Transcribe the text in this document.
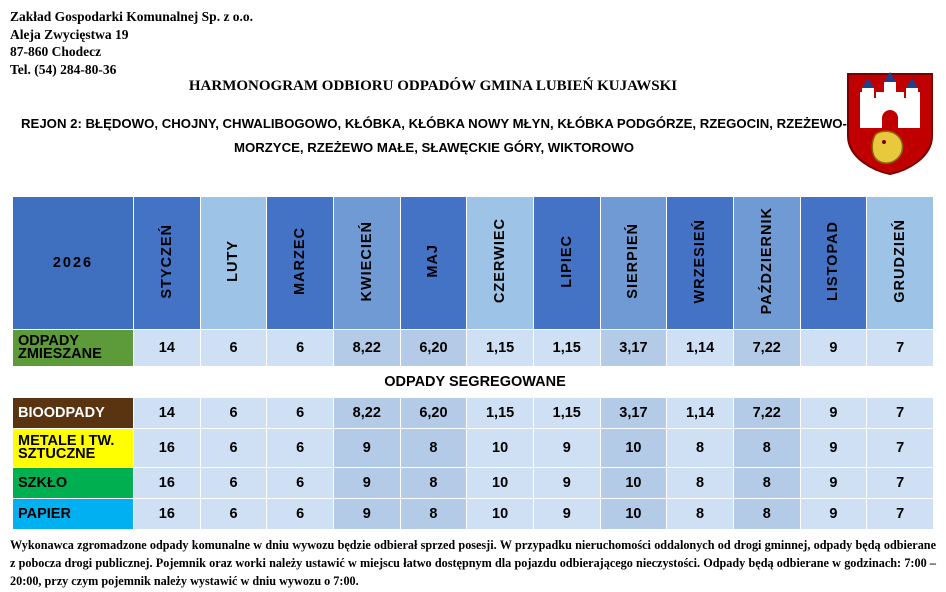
Zakład Gospodarki Komunalnej Sp. z o.o.
Aleja Zwycięstwa 19
87-860 Chodecz
Tel. (54) 284-80-36
HARMONOGRAM ODBIORU ODPADÓW GMINA LUBIEŃ KUJAWSKI
REJON 2: BŁĘDOWO, CHOJNY, CHWALIBOGOWO, KŁÓBKA, KŁÓBKA NOWY MŁYN, KŁÓBKA PODGÓRZE, RZEGOCIN, RZEŻEWO-MORZYCE, RZEŻEWO MAŁE, SŁAWĘCKIE GÓRY, WIKTOROWO
2026	STYCZEŃ	LUTY	MARZEC	KWIECIEŃ	MAJ	CZERWIEC	LIPIEC	SIERPIEŃ	WRZESIEŃ	PAŹDZIERNIK	LISTOPAD	GRUDZIEŃ
ODPADY ZMIESZANE	14	6	6	8,22	6,20	1,15	1,15	3,17	1,14	7,22	9	7
ODPADY SEGREGOWANE												
BIOODPADY	14	6	6	8,22	6,20	1,15	1,15	3,17	1,14	7,22	9	7
METALE I TW. SZTUCZNE	16	6	6	9	8	10	9	10	8	8	9	7
SZKŁO	16	6	6	9	8	10	9	10	8	8	9	7
PAPIER	16	6	6	9	8	10	9	10	8	8	9	7
Wykonawca zgromadzone odpady komunalne w dniu wywozu będzie odbierał sprzed posesji. W przypadku nieruchomości oddalonych od drogi gminnej, odpady będą odbierane z pobocza drogi publicznej. Pojemnik oraz worki należy ustawić w miejscu łatwo dostępnym dla pojazdu odbierającego nieczystości. Odpady będą odbierane w godzinach: 7:00 – 20:00, przy czym pojemnik należy wystawić w dniu wywozu o 7:00.
